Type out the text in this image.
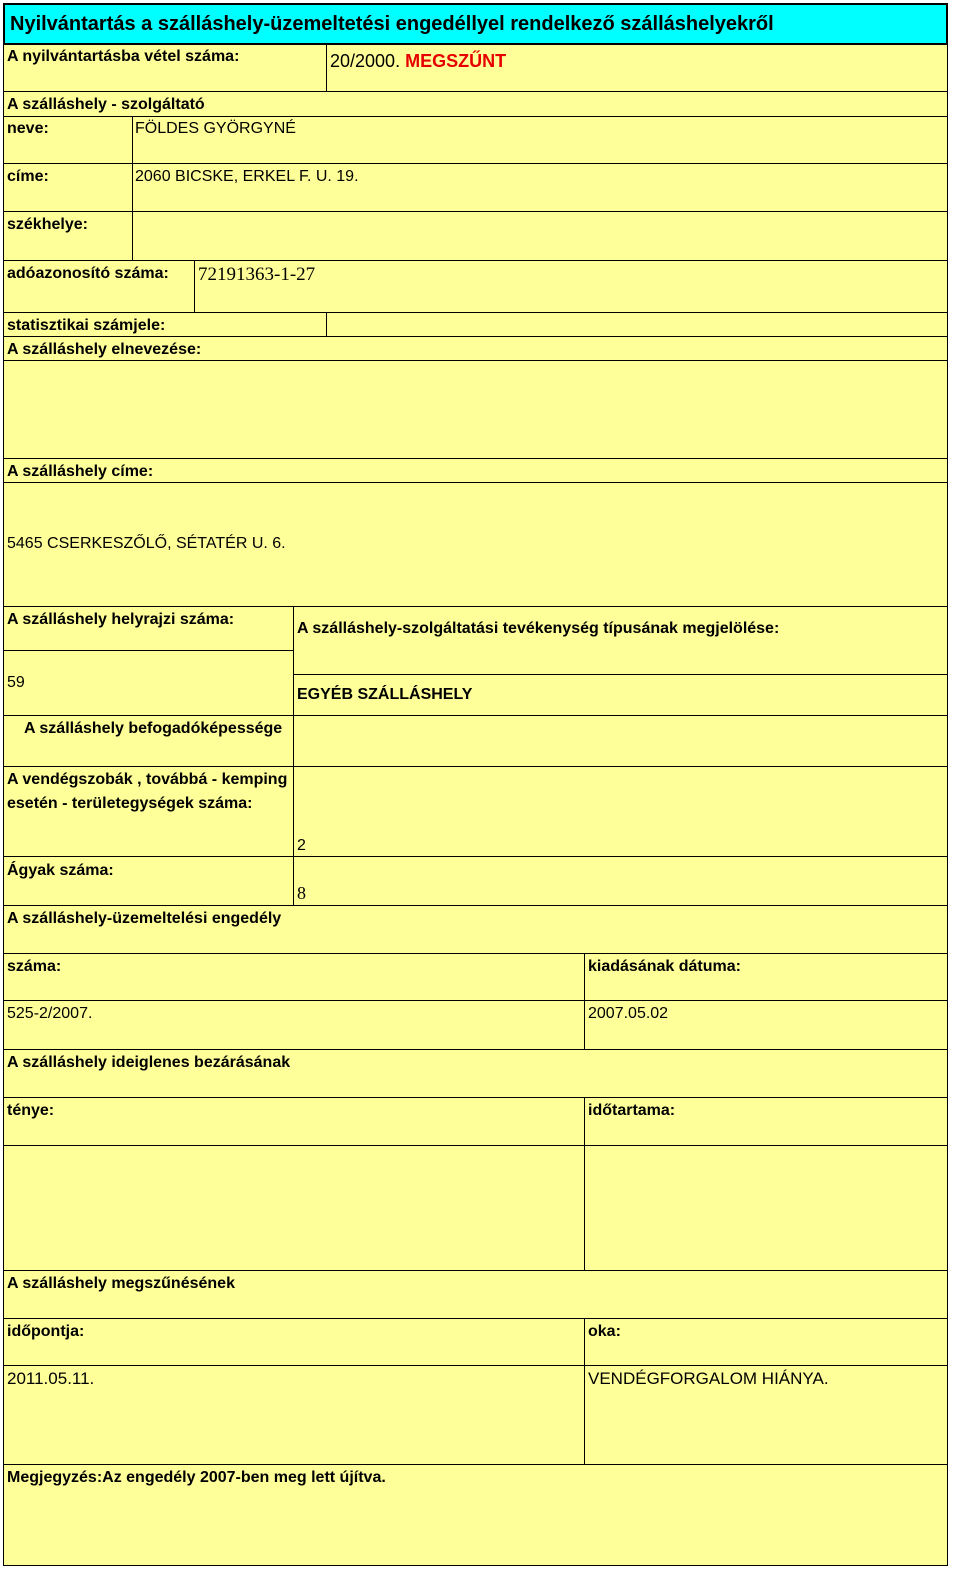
Nyilvántartás a szálláshely-üzemeltetési engedéllyel rendelkező szálláshelyekről
A nyilvántartásba vétel száma:	20/2000. MEGSZŰNT
A szálláshely - szolgáltató
neve:	FÖLDES GYÖRGYNÉ
címe:	2060 BICSKE, ERKEL F. U. 19.
székhelye:
adóazonosító száma: 72191363-1-27
statisztikai számjele:
A szálláshely elnevezése:
A szálláshely címe:
5465 CSERKESZŐLŐ, SÉTATÉR U. 6.
A szálláshely helyrajzi száma:
59
A szálláshely-szolgáltatási tevékenység típusának megjelölése:
EGYÉB SZÁLLÁSHELY
A szálláshely befogadóképessége
A vendégszobák , továbbá - kemping
esetén - területegységek száma:
2
Ágyak száma:
8
A szálláshely-üzemeltelési engedély
száma:	kiadásának dátuma:
525-2/2007.	2007.05.02
A szálláshely ideiglenes bezárásának
ténye:	időtartama:
A szálláshely megszűnésének
időpontja:	oka:
2011.05.11.	VENDÉGFORGALOM HIÁNYA.
Megjegyzés:Az engedély 2007-ben meg lett újítva.
